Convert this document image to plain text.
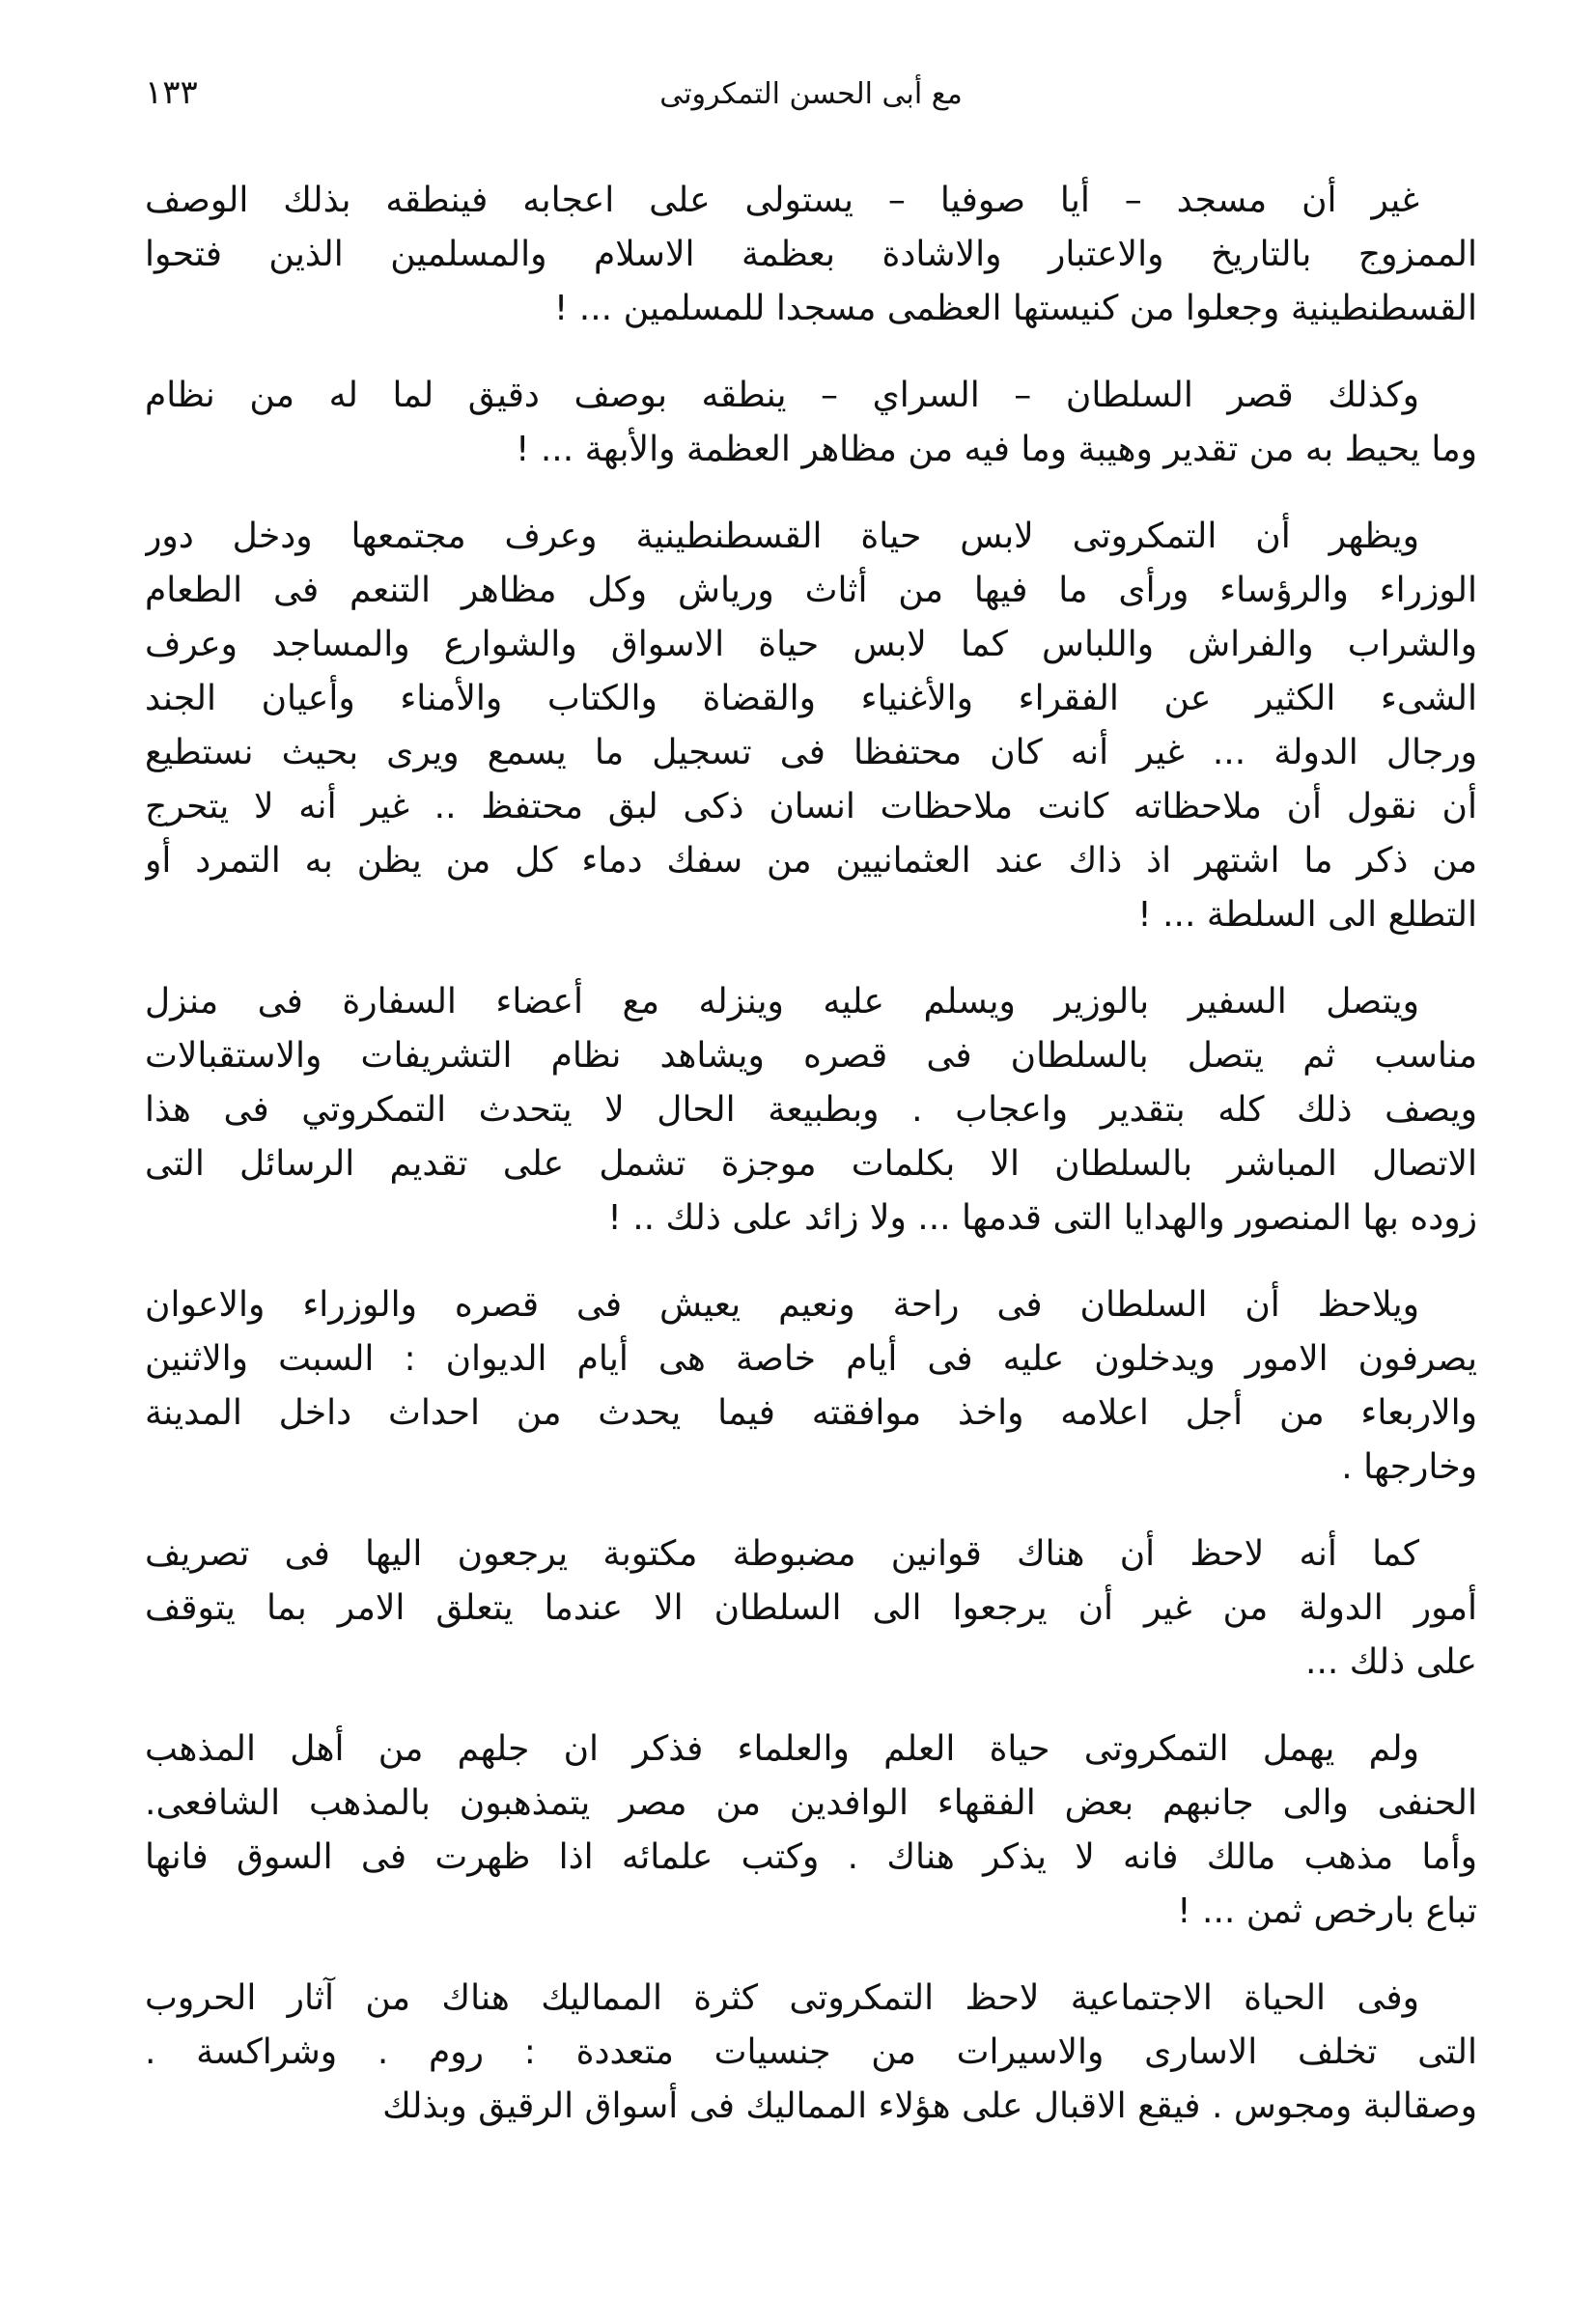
١٣٣	مع أبى الحسن التمكروتى
غير أن مسجد – أيا صوفيا – يستولى على اعجابه فينطقه بذلك الوصف
الممزوج بالتاريخ والاعتبار والاشادة بعظمة الاسلام والمسلمين الذين فتحوا
القسطنطينية وجعلوا من كنيستها العظمى مسجدا للمسلمين ... !
وكذلك قصر السلطان – السراي – ينطقه بوصف دقيق لما له من نظام
وما يحيط به من تقدير وهيبة وما فيه من مظاهر العظمة والأبهة ... !
ويظهر أن التمكروتى لابس حياة القسطنطينية وعرف مجتمعها ودخل دور
الوزراء والرؤساء ورأى ما فيها من أثاث ورياش وكل مظاهر التنعم فى الطعام
والشراب والفراش واللباس كما لابس حياة الاسواق والشوارع والمساجد وعرف
الشىء الكثير عن الفقراء والأغنياء والقضاة والكتاب والأمناء وأعيان الجند
ورجال الدولة ... غير أنه كان محتفظا فى تسجيل ما يسمع ويرى بحيث نستطيع
أن نقول أن ملاحظاته كانت ملاحظات انسان ذكى لبق محتفظ .. غير أنه لا يتحرج
من ذكر ما اشتهر اذ ذاك عند العثمانيين من سفك دماء كل من يظن به التمرد أو
التطلع الى السلطة ... !
ويتصل السفير بالوزير ويسلم عليه وينزله مع أعضاء السفارة فى منزل
مناسب ثم يتصل بالسلطان فى قصره ويشاهد نظام التشريفات والاستقبالات
ويصف ذلك كله بتقدير واعجاب . وبطبيعة الحال لا يتحدث التمكروتي فى هذا
الاتصال المباشر بالسلطان الا بكلمات موجزة تشمل على تقديم الرسائل التى
زوده بها المنصور والهدايا التى قدمها ... ولا زائد على ذلك .. !
ويلاحظ أن السلطان فى راحة ونعيم يعيش فى قصره والوزراء والاعوان
يصرفون الامور ويدخلون عليه فى أيام خاصة هى أيام الديوان : السبت والاثنين
والاربعاء من أجل اعلامه واخذ موافقته فيما يحدث من احداث داخل المدينة
وخارجها .
كما أنه لاحظ أن هناك قوانين مضبوطة مكتوبة يرجعون اليها فى تصريف
أمور الدولة من غير أن يرجعوا الى السلطان الا عندما يتعلق الامر بما يتوقف
على ذلك ...
ولم يهمل التمكروتى حياة العلم والعلماء فذكر ان جلهم من أهل المذهب
الحنفى والى جانبهم بعض الفقهاء الوافدين من مصر يتمذهبون بالمذهب الشافعى.
وأما مذهب مالك فانه لا يذكر هناك . وكتب علمائه اذا ظهرت فى السوق فانها
تباع بارخص ثمن ... !
وفى الحياة الاجتماعية لاحظ التمكروتى كثرة المماليك هناك من آثار الحروب
التى تخلف الاسارى والاسيرات من جنسيات متعددة : روم . وشراكسة .
وصقالبة ومجوس . فيقع الاقبال على هؤلاء المماليك فى أسواق الرقيق وبذلك
